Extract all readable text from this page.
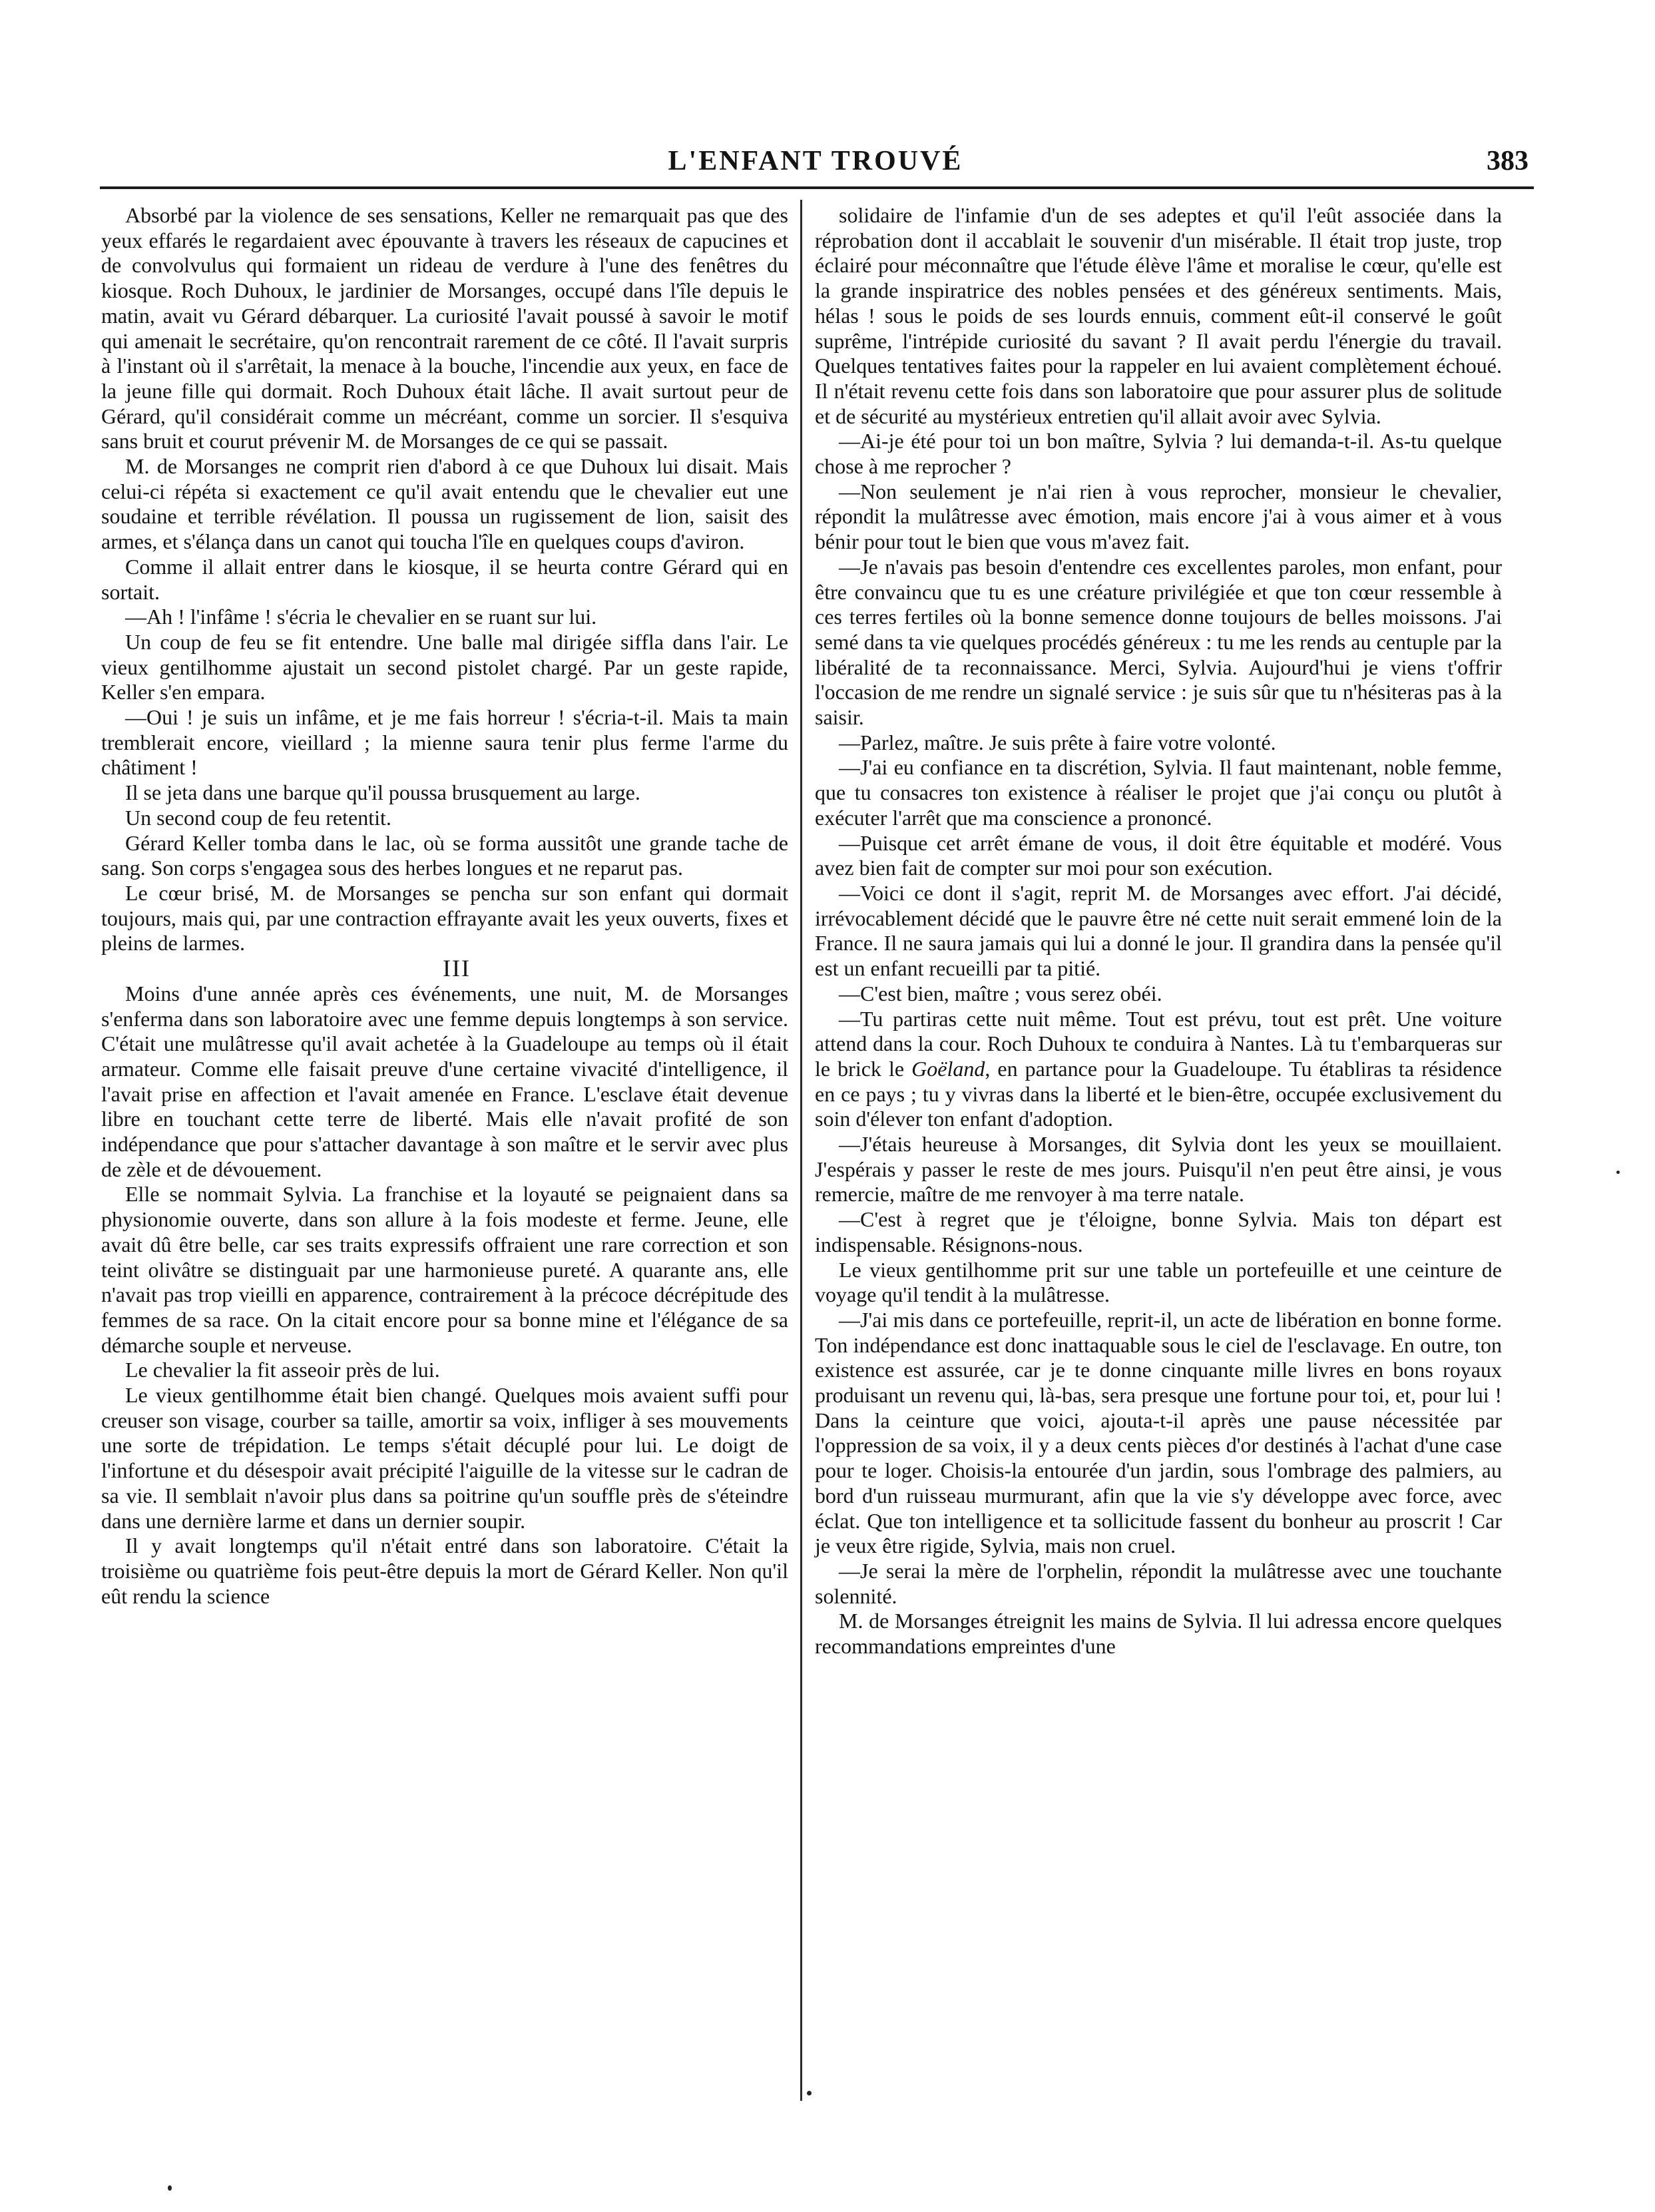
L'ENFANT TROUVÉ	383

Absorbé par la violence de ses sensations, Keller ne remarquait pas que des yeux effarés le regardaient avec épouvante à travers les réseaux de capucines et de convolvulus qui formaient un rideau de verdure à l'une des fenêtres du kiosque. Roch Duhoux, le jardinier de Morsanges, occupé dans l'île depuis le matin, avait vu Gérard débarquer. La curiosité l'avait poussé à savoir le motif qui amenait le secrétaire, qu'on rencontrait rarement de ce côté. Il l'avait surpris à l'instant où il s'arrêtait, la menace à la bouche, l'incendie aux yeux, en face de la jeune fille qui dormait. Roch Duhoux était lâche. Il avait surtout peur de Gérard, qu'il considérait comme un mécréant, comme un sorcier. Il s'esquiva sans bruit et courut prévenir M. de Morsanges de ce qui se passait.

M. de Morsanges ne comprit rien d'abord à ce que Duhoux lui disait. Mais celui-ci répéta si exactement ce qu'il avait entendu que le chevalier eut une soudaine et terrible révélation. Il poussa un rugissement de lion, saisit des armes, et s'élança dans un canot qui toucha l'île en quelques coups d'aviron.

Comme il allait entrer dans le kiosque, il se heurta contre Gérard qui en sortait.

—Ah ! l'infâme ! s'écria le chevalier en se ruant sur lui.

Un coup de feu se fit entendre. Une balle mal dirigée siffla dans l'air. Le vieux gentilhomme ajustait un second pistolet chargé. Par un geste rapide, Keller s'en empara.

—Oui ! je suis un infâme, et je me fais horreur ! s'écria-t-il. Mais ta main tremblerait encore, vieillard ; la mienne saura tenir plus ferme l'arme du châtiment !

Il se jeta dans une barque qu'il poussa brusquement au large.

Un second coup de feu retentit.

Gérard Keller tomba dans le lac, où se forma aussitôt une grande tache de sang. Son corps s'engagea sous des herbes longues et ne reparut pas.

Le cœur brisé, M. de Morsanges se pencha sur son enfant qui dormait toujours, mais qui, par une contraction effrayante avait les yeux ouverts, fixes et pleins de larmes.

III

Moins d'une année après ces événements, une nuit, M. de Morsanges s'enferma dans son laboratoire avec une femme depuis longtemps à son service. C'était une mulâtresse qu'il avait achetée à la Guadeloupe au temps où il était armateur. Comme elle faisait preuve d'une certaine vivacité d'intelligence, il l'avait prise en affection et l'avait amenée en France. L'esclave était devenue libre en touchant cette terre de liberté. Mais elle n'avait profité de son indépendance que pour s'attacher davantage à son maître et le servir avec plus de zèle et de dévouement.

Elle se nommait Sylvia. La franchise et la loyauté se peignaient dans sa physionomie ouverte, dans son allure à la fois modeste et ferme. Jeune, elle avait dû être belle, car ses traits expressifs offraient une rare correction et son teint olivâtre se distinguait par une harmonieuse pureté. A quarante ans, elle n'avait pas trop vieilli en apparence, contrairement à la précoce décrépitude des femmes de sa race. On la citait encore pour sa bonne mine et l'élégance de sa démarche souple et nerveuse.

Le chevalier la fit asseoir près de lui.

Le vieux gentilhomme était bien changé. Quelques mois avaient suffi pour creuser son visage, courber sa taille, amortir sa voix, infliger à ses mouvements une sorte de trépidation. Le temps s'était décuplé pour lui. Le doigt de l'infortune et du désespoir avait précipité l'aiguille de la vitesse sur le cadran de sa vie. Il semblait n'avoir plus dans sa poitrine qu'un souffle près de s'éteindre dans une dernière larme et dans un dernier soupir.

Il y avait longtemps qu'il n'était entré dans son laboratoire. C'était la troisième ou quatrième fois peut-être depuis la mort de Gérard Keller. Non qu'il eût rendu la science

solidaire de l'infamie d'un de ses adeptes et qu'il l'eût associée dans la réprobation dont il accablait le souvenir d'un misérable. Il était trop juste, trop éclairé pour méconnaître que l'étude élève l'âme et moralise le cœur, qu'elle est la grande inspiratrice des nobles pensées et des généreux sentiments. Mais, hélas ! sous le poids de ses lourds ennuis, comment eût-il conservé le goût suprême, l'intrépide curiosité du savant ? Il avait perdu l'énergie du travail. Quelques tentatives faites pour la rappeler en lui avaient complètement échoué. Il n'était revenu cette fois dans son laboratoire que pour assurer plus de solitude et de sécurité au mystérieux entretien qu'il allait avoir avec Sylvia.

—Ai-je été pour toi un bon maître, Sylvia ? lui demanda-t-il. As-tu quelque chose à me reprocher ?

—Non seulement je n'ai rien à vous reprocher, monsieur le chevalier, répondit la mulâtresse avec émotion, mais encore j'ai à vous aimer et à vous bénir pour tout le bien que vous m'avez fait.

—Je n'avais pas besoin d'entendre ces excellentes paroles, mon enfant, pour être convaincu que tu es une créature privilégiée et que ton cœur ressemble à ces terres fertiles où la bonne semence donne toujours de belles moissons. J'ai semé dans ta vie quelques procédés généreux : tu me les rends au centuple par la libéralité de ta reconnaissance. Merci, Sylvia. Aujourd'hui je viens t'offrir l'occasion de me rendre un signalé service : je suis sûr que tu n'hésiteras pas à la saisir.

—Parlez, maître. Je suis prête à faire votre volonté.

—J'ai eu confiance en ta discrétion, Sylvia. Il faut maintenant, noble femme, que tu consacres ton existence à réaliser le projet que j'ai conçu ou plutôt à exécuter l'arrêt que ma conscience a prononcé.

—Puisque cet arrêt émane de vous, il doit être équitable et modéré. Vous avez bien fait de compter sur moi pour son exécution.

—Voici ce dont il s'agit, reprit M. de Morsanges avec effort. J'ai décidé, irrévocablement décidé que le pauvre être né cette nuit serait emmené loin de la France. Il ne saura jamais qui lui a donné le jour. Il grandira dans la pensée qu'il est un enfant recueilli par ta pitié.

—C'est bien, maître ; vous serez obéi.

—Tu partiras cette nuit même. Tout est prévu, tout est prêt. Une voiture attend dans la cour. Roch Duhoux te conduira à Nantes. Là tu t'embarqueras sur le brick le Goëland, en partance pour la Guadeloupe. Tu établiras ta résidence en ce pays ; tu y vivras dans la liberté et le bien-être, occupée exclusivement du soin d'élever ton enfant d'adoption.

—J'étais heureuse à Morsanges, dit Sylvia dont les yeux se mouillaient. J'espérais y passer le reste de mes jours. Puisqu'il n'en peut être ainsi, je vous remercie, maître de me renvoyer à ma terre natale.

—C'est à regret que je t'éloigne, bonne Sylvia. Mais ton départ est indispensable. Résignons-nous.

Le vieux gentilhomme prit sur une table un portefeuille et une ceinture de voyage qu'il tendit à la mulâtresse.

—J'ai mis dans ce portefeuille, reprit-il, un acte de libération en bonne forme. Ton indépendance est donc inattaquable sous le ciel de l'esclavage. En outre, ton existence est assurée, car je te donne cinquante mille livres en bons royaux produisant un revenu qui, là-bas, sera presque une fortune pour toi, et, pour lui ! Dans la ceinture que voici, ajouta-t-il après une pause nécessitée par l'oppression de sa voix, il y a deux cents pièces d'or destinés à l'achat d'une case pour te loger. Choisis-la entourée d'un jardin, sous l'ombrage des palmiers, au bord d'un ruisseau murmurant, afin que la vie s'y développe avec force, avec éclat. Que ton intelligence et ta sollicitude fassent du bonheur au proscrit ! Car je veux être rigide, Sylvia, mais non cruel.

—Je serai la mère de l'orphelin, répondit la mulâtresse avec une touchante solennité.

M. de Morsanges étreignit les mains de Sylvia. Il lui adressa encore quelques recommandations empreintes d'une
